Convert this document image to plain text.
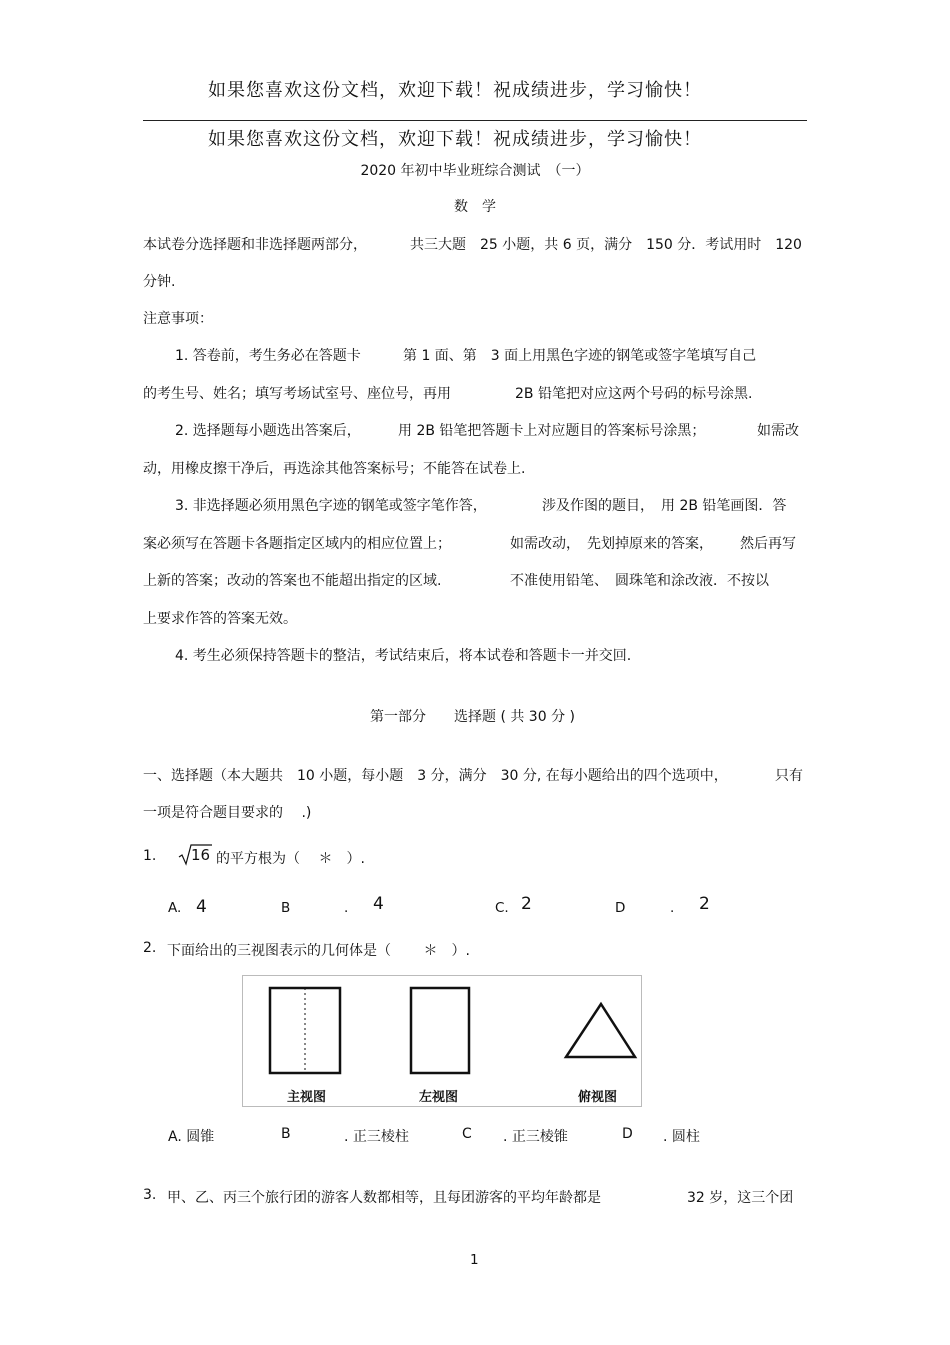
如果您喜欢这份文档，欢迎下载！祝成绩进步，学习愉快！
如果您喜欢这份文档，欢迎下载！祝成绩进步，学习愉快！
2020 年初中毕业班综合测试　（一）
数　学
本试卷分选择题和非选择题两部分，	共三大题　25 小题，共 6 页，满分　150 分．考试用时　120
分钟.
注意事项：
1. 答卷前，考生务必在答题卡	第 1 面、第　3 面上用黑色字迹的钢笔或签字笔填写自己
的考生号、姓名；填写考场试室号、座位号，再用	2B 铅笔把对应这两个号码的标号涂黑.
2. 选择题每小题选出答案后，	用 2B 铅笔把答题卡上对应题目的答案标号涂黑；	如需改
动，用橡皮擦干净后，再选涂其他答案标号；不能答在试卷上.
3. 非选择题必须用黑色字迹的钢笔或签字笔作答，	涉及作图的题目，　用 2B 铅笔画图．答
案必须写在答题卡各题指定区域内的相应位置上；	如需改动，　先划掉原来的答案， 然后再写
上新的答案；改动的答案也不能超出指定的区域.	不准使用铅笔、　圆珠笔和涂改液．不按以
上要求作答的答案无效。
4. 考生必须保持答题卡的整洁，考试结束后，将本试卷和答题卡一并交回.
第一部分　　选择题 ( 共 30 分 )
一、选择题（本大题共　10 小题，每小题　3 分，满分　30 分, 在每小题给出的四个选项中，	只有
一项是符合题目要求的　 .)
1. 16 的平方根为（　 ＊　）.
A. 4	B	. 4	C. 2	D	. 2
2. 下面给出的三视图表示的几何体是（　　 ＊　）.
主视图	左视图	俯视图
A. 圆锥	B	. 正三棱柱	C . 正三棱锥	D . 圆柱
3. 甲、乙、丙三个旅行团的游客人数都相等，且每团游客的平均年龄都是	32 岁，这三个团
1
